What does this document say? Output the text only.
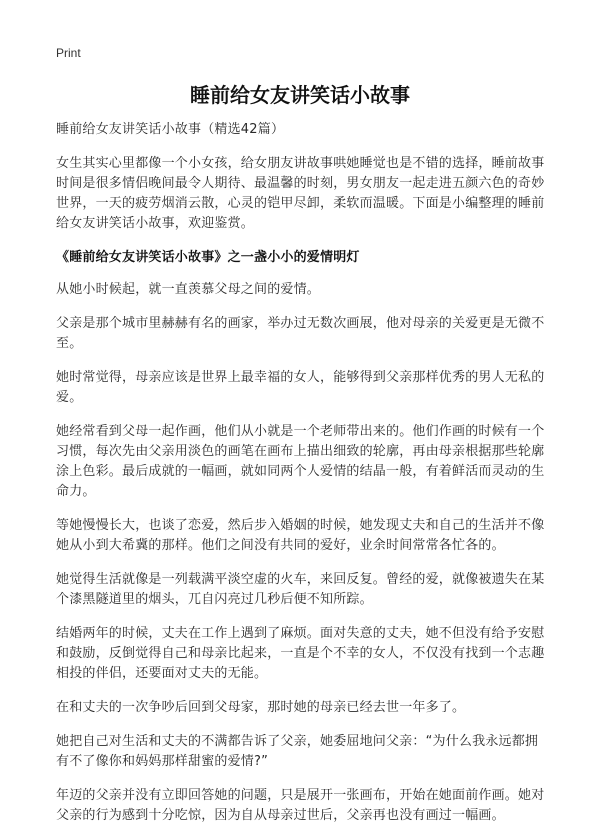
Print
睡前给女友讲笑话小故事

睡前给女友讲笑话小故事（精选42篇）

女生其实心里都像一个小女孩，给女朋友讲故事哄她睡觉也是不错的选择，睡前故事时间是很多情侣晚间最令人期待、最温馨的时刻，男女朋友一起走进五颜六色的奇妙世界，一天的疲劳烟消云散，心灵的铠甲尽卸，柔软而温暖。下面是小编整理的睡前给女友讲笑话小故事，欢迎鉴赏。

《睡前给女友讲笑话小故事》之一盏小小的爱情明灯

从她小时候起，就一直羡慕父母之间的爱情。

父亲是那个城市里赫赫有名的画家，举办过无数次画展，他对母亲的关爱更是无微不至。

她时常觉得，母亲应该是世界上最幸福的女人，能够得到父亲那样优秀的男人无私的爱。

她经常看到父母一起作画，他们从小就是一个老师带出来的。他们作画的时候有一个习惯，每次先由父亲用淡色的画笔在画布上描出细致的轮廓，再由母亲根据那些轮廓涂上色彩。最后成就的一幅画，就如同两个人爱情的结晶一般，有着鲜活而灵动的生命力。

等她慢慢长大，也谈了恋爱，然后步入婚姻的时候，她发现丈夫和自己的生活并不像她从小到大希冀的那样。他们之间没有共同的爱好，业余时间常常各忙各的。

她觉得生活就像是一列载满平淡空虚的火车，来回反复。曾经的爱，就像被遗失在某个漆黑隧道里的烟头，兀自闪亮过几秒后便不知所踪。

结婚两年的时候，丈夫在工作上遇到了麻烦。面对失意的丈夫，她不但没有给予安慰和鼓励，反倒觉得自己和母亲比起来，一直是个不幸的女人，不仅没有找到一个志趣相投的伴侣，还要面对丈夫的无能。

在和丈夫的一次争吵后回到父母家，那时她的母亲已经去世一年多了。

她把自己对生活和丈夫的不满都告诉了父亲，她委屈地问父亲：“为什么我永远都拥有不了像你和妈妈那样甜蜜的爱情?”

年迈的父亲并没有立即回答她的问题，只是展开一张画布，开始在她面前作画。她对父亲的行为感到十分吃惊，因为自从母亲过世后，父亲再也没有画过一幅画。
